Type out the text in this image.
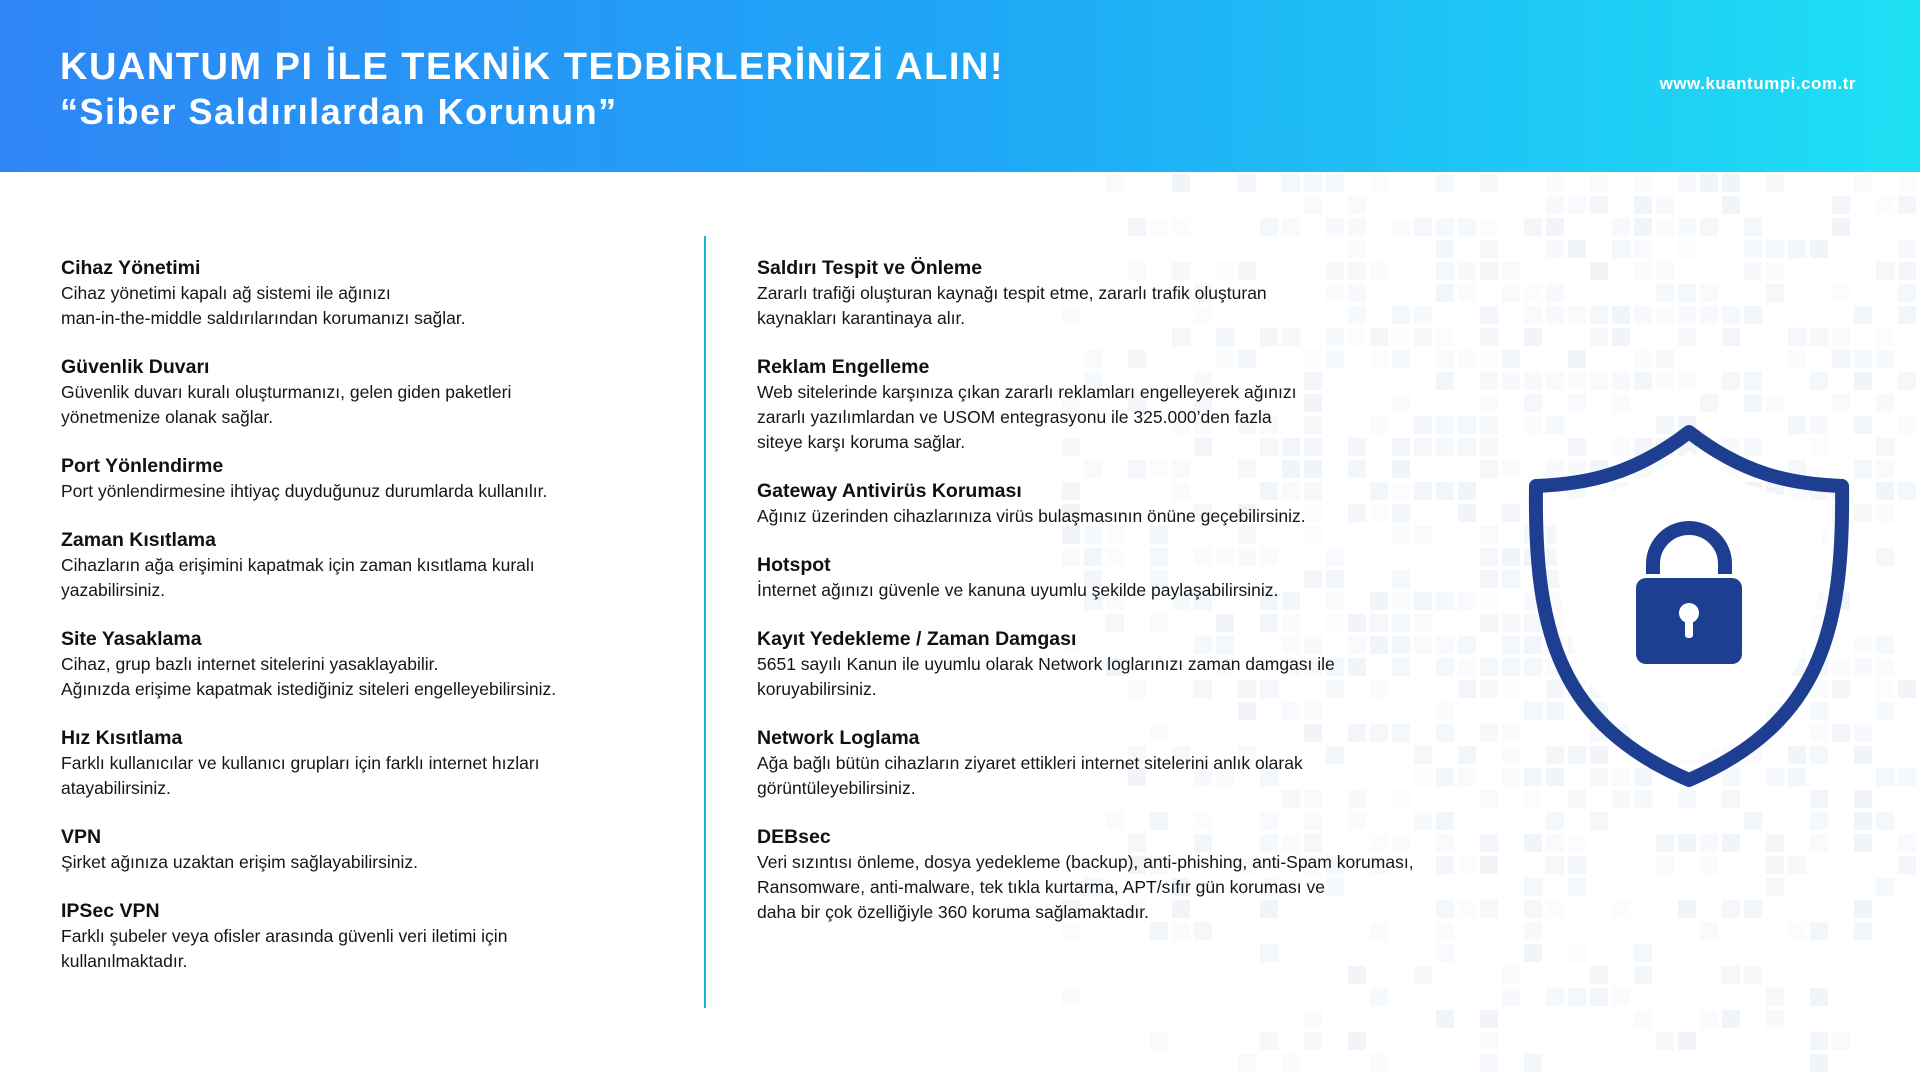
KUANTUM PI İLE TEKNİK TEDBİRLERİNİZİ ALIN!
“Siber Saldırılardan Korunun”
www.kuantumpi.com.tr
Cihaz Yönetimi
Cihaz yönetimi kapalı ağ sistemi ile ağınızı
man-in-the-middle saldırılarından korumanızı sağlar.
Güvenlik Duvarı
Güvenlik duvarı kuralı oluşturmanızı, gelen giden paketleri
yönetmenize olanak sağlar.
Port Yönlendirme
Port yönlendirmesine ihtiyaç duyduğunuz durumlarda kullanılır.
Zaman Kısıtlama
Cihazların ağa erişimini kapatmak için zaman kısıtlama kuralı
yazabilirsiniz.
Site Yasaklama
Cihaz, grup bazlı internet sitelerini yasaklayabilir.
Ağınızda erişime kapatmak istediğiniz siteleri engelleyebilirsiniz.
Hız Kısıtlama
Farklı kullanıcılar ve kullanıcı grupları için farklı internet hızları
atayabilirsiniz.
VPN
Şirket ağınıza uzaktan erişim sağlayabilirsiniz.
IPSec VPN
Farklı şubeler veya ofisler arasında güvenli veri iletimi için
kullanılmaktadır.
Saldırı Tespit ve Önleme
Zararlı trafiği oluşturan kaynağı tespit etme, zararlı trafik oluşturan
kaynakları karantinaya alır.
Reklam Engelleme
Web sitelerinde karşınıza çıkan zararlı reklamları engelleyerek ağınızı
zararlı yazılımlardan ve USOM entegrasyonu ile 325.000’den fazla
siteye karşı koruma sağlar.
Gateway Antivirüs Koruması
Ağınız üzerinden cihazlarınıza virüs bulaşmasının önüne geçebilirsiniz.
Hotspot
İnternet ağınızı güvenle ve kanuna uyumlu şekilde paylaşabilirsiniz.
Kayıt Yedekleme / Zaman Damgası
5651 sayılı Kanun ile uyumlu olarak Network loglarınızı zaman damgası ile
koruyabilirsiniz.
Network Loglama
Ağa bağlı bütün cihazların ziyaret ettikleri internet sitelerini anlık olarak
görüntüleyebilirsiniz.
DEBsec
Veri sızıntısı önleme, dosya yedekleme (backup), anti-phishing, anti-Spam koruması,
Ransomware, anti-malware, tek tıkla kurtarma, APT/sıfır gün koruması ve
daha bir çok özelliğiyle 360 koruma sağlamaktadır.
